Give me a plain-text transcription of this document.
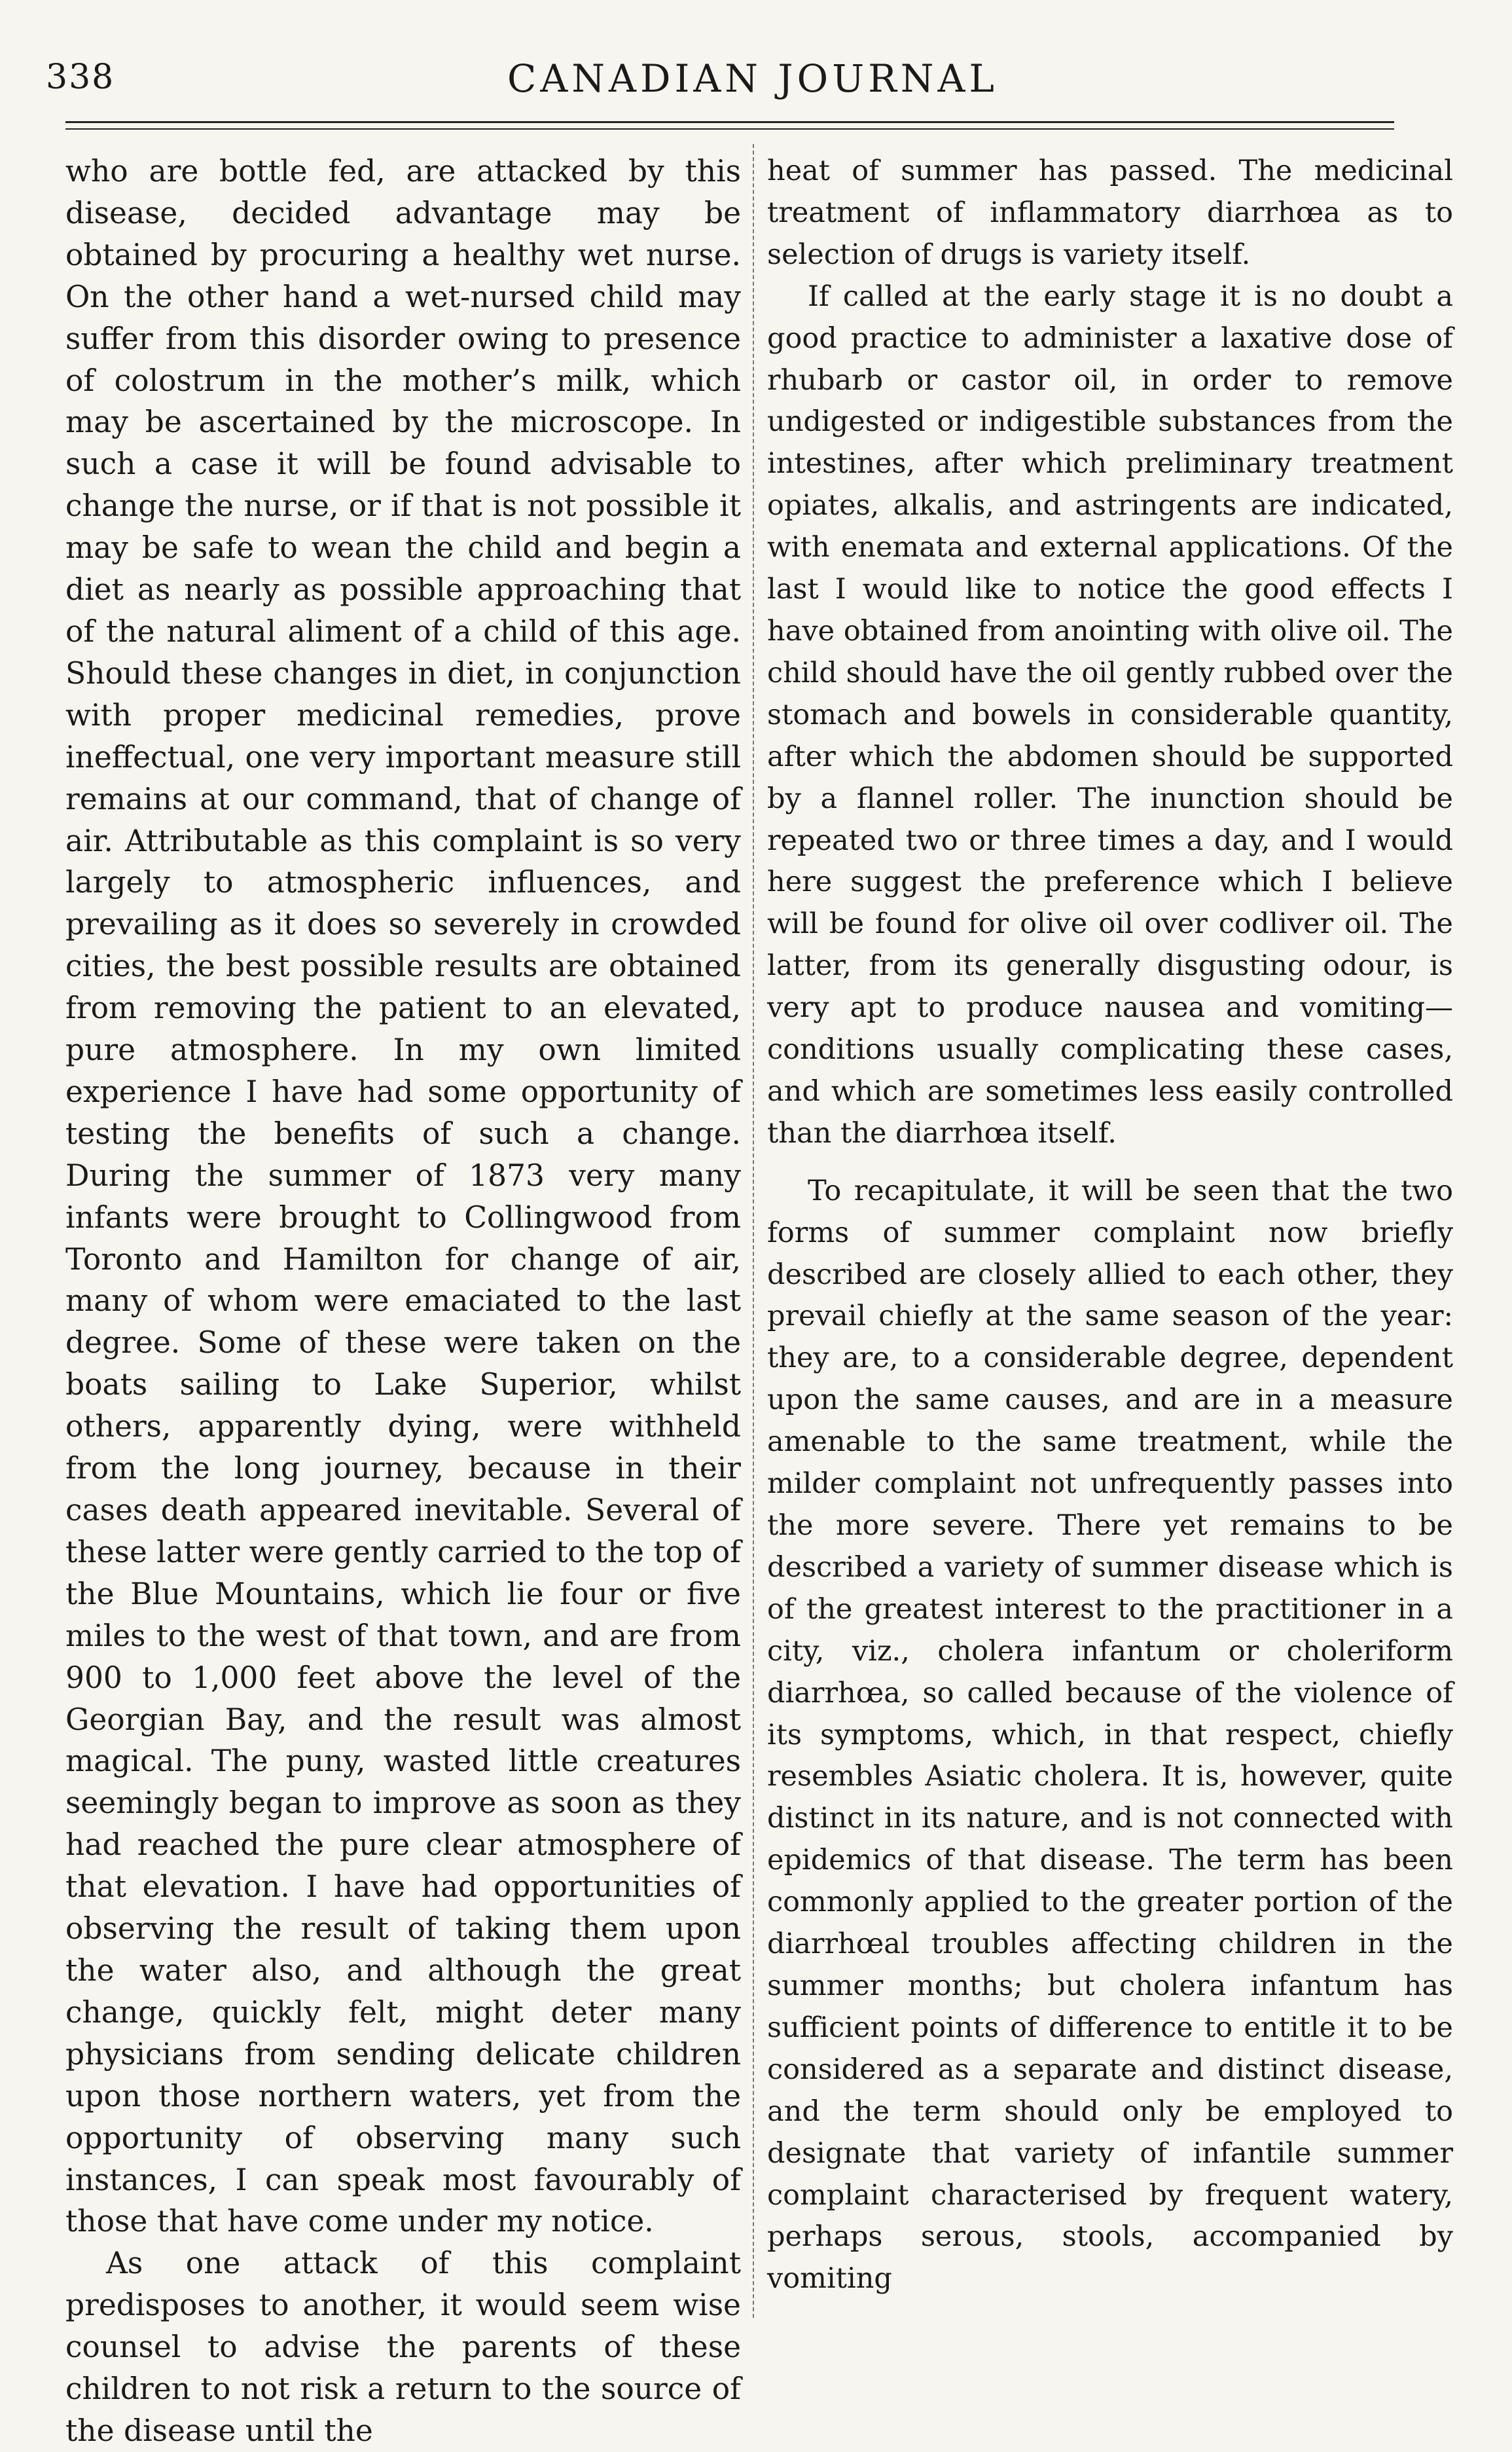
338	CANADIAN JOURNAL

who are bottle fed, are attacked by this disease, decided advantage may be obtained by procuring a healthy wet nurse. On the other hand a wet-nursed child may suffer from this disorder owing to presence of colostrum in the mother’s milk, which may be ascertained by the microscope. In such a case it will be found advisable to change the nurse, or if that is not possible it may be safe to wean the child and begin a diet as nearly as possible approaching that of the natural aliment of a child of this age. Should these changes in diet, in conjunction with proper medicinal remedies, prove ineffectual, one very important measure still remains at our command, that of change of air. Attributable as this complaint is so very largely to atmospheric influences, and prevailing as it does so severely in crowded cities, the best possible results are obtained from removing the patient to an elevated, pure atmosphere. In my own limited experience I have had some opportunity of testing the benefits of such a change. During the summer of 1873 very many infants were brought to Collingwood from Toronto and Hamilton for change of air, many of whom were emaciated to the last degree. Some of these were taken on the boats sailing to Lake Superior, whilst others, apparently dying, were withheld from the long journey, because in their cases death appeared inevitable. Several of these latter were gently carried to the top of the Blue Mountains, which lie four or five miles to the west of that town, and are from 900 to 1,000 feet above the level of the Georgian Bay, and the result was almost magical. The puny, wasted little creatures seemingly began to improve as soon as they had reached the pure clear atmosphere of that elevation. I have had opportunities of observing the result of taking them upon the water also, and although the great change, quickly felt, might deter many physicians from sending delicate children upon those northern waters, yet from the opportunity of observing many such instances, I can speak most favourably of those that have come under my notice.

As one attack of this complaint predisposes to another, it would seem wise counsel to advise the parents of these children to not risk a return to the source of the disease until the

heat of summer has passed. The medicinal treatment of inflammatory diarrhœa as to selection of drugs is variety itself.

If called at the early stage it is no doubt a good practice to administer a laxative dose of rhubarb or castor oil, in order to remove undigested or indigestible substances from the intestines, after which preliminary treatment opiates, alkalis, and astringents are indicated, with enemata and external applications. Of the last I would like to notice the good effects I have obtained from anointing with olive oil. The child should have the oil gently rubbed over the stomach and bowels in considerable quantity, after which the abdomen should be supported by a flannel roller. The inunction should be repeated two or three times a day, and I would here suggest the preference which I believe will be found for olive oil over codliver oil. The latter, from its generally disgusting odour, is very apt to produce nausea and vomiting—conditions usually complicating these cases, and which are sometimes less easily controlled than the diarrhœa itself.

To recapitulate, it will be seen that the two forms of summer complaint now briefly described are closely allied to each other, they prevail chiefly at the same season of the year: they are, to a considerable degree, dependent upon the same causes, and are in a measure amenable to the same treatment, while the milder complaint not unfrequently passes into the more severe. There yet remains to be described a variety of summer disease which is of the greatest interest to the practitioner in a city, viz., cholera infantum or choleriform diarrhœa, so called because of the violence of its symptoms, which, in that respect, chiefly resembles Asiatic cholera. It is, however, quite distinct in its nature, and is not connected with epidemics of that disease. The term has been commonly applied to the greater portion of the diarrhœal troubles affecting children in the summer months; but cholera infantum has sufficient points of difference to entitle it to be considered as a separate and distinct disease, and the term should only be employed to designate that variety of infantile summer complaint characterised by frequent watery, perhaps serous, stools, accompanied by vomiting
